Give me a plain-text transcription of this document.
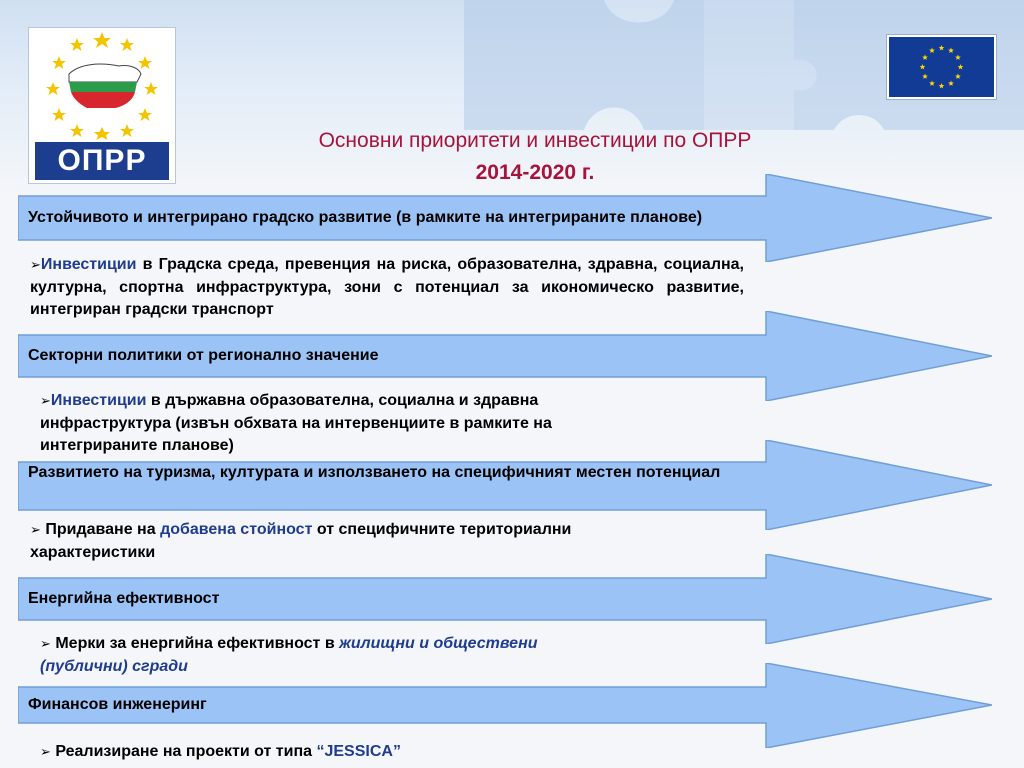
ОПРР
Основни приоритети и инвестиции по ОПРР
2014-2020 г.
Устойчивото и интегрирано градско развитие (в рамките на интегрираните планове)
➢Инвестиции в Градска среда, превенция на риска, образователна, здравна, социална, културна, спортна инфраструктура, зони с потенциал за икономическо развитие, интегриран градски транспорт
Секторни политики от регионално значение
➢Инвестиции в държавна образователна, социална и здравна инфраструктура (извън обхвата на интервенциите в рамките на интегрираните планове)
Развитието на туризма, културата и използването на специфичният местен потенциал
➢ Придаване на добавена стойност от специфичните териториални характеристики
Енергийна ефективност
➢ Мерки за енергийна ефективност в жилищни и обществени (публични) сгради
Финансов инженеринг
➢ Реализиране на проекти от типа “JESSICA”
